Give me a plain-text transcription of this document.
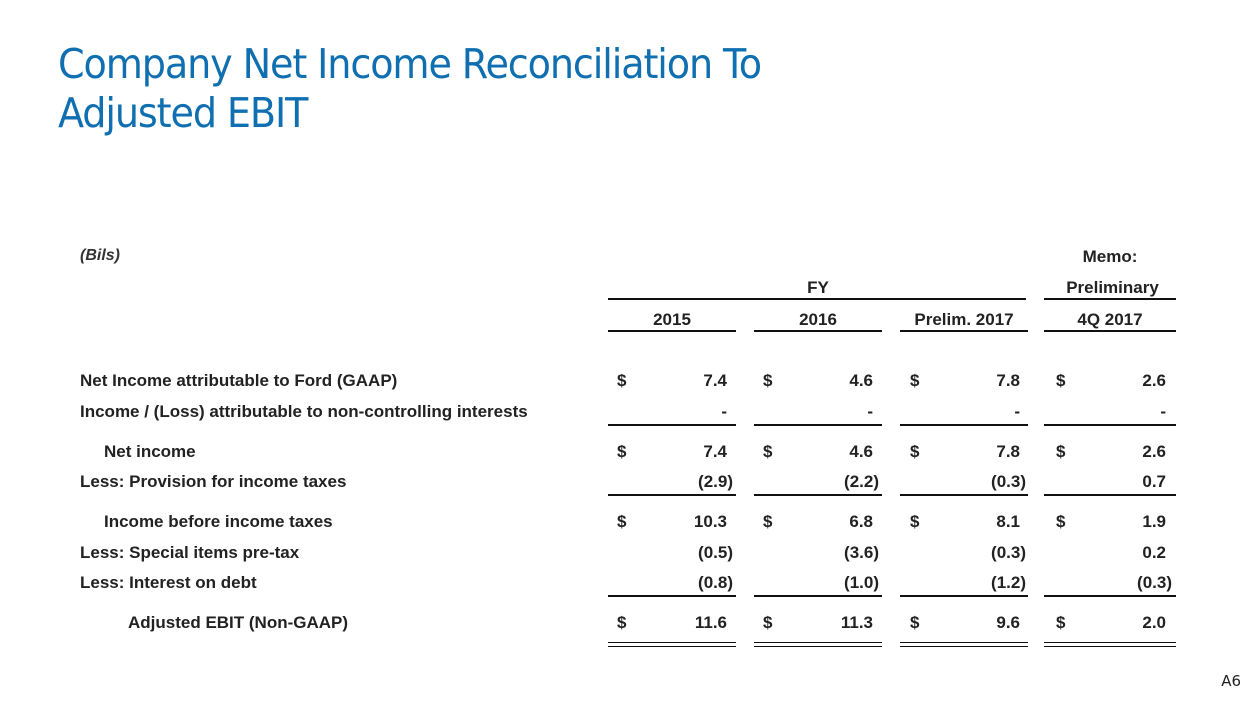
Company Net Income Reconciliation To
Adjusted EBIT
(Bils)	Memo:
FY	Preliminary
2015	2016	Prelim. 2017	4Q 2017
Net Income attributable to Ford (GAAP)	$	7.4 $	4.6 $	7.8 $	2.6
Income / (Loss) attributable to non-controlling interests	-	-	-	-
Net income	$	7.4 $	4.6 $	7.8 $	2.6
Less: Provision for income taxes	(2.9)	(2.2)	(0.3)	0.7
Income before income taxes	$	10.3 $	6.8 $	8.1 $	1.9
Less: Special items pre-tax	(0.5)	(3.6)	(0.3)	0.2
Less: Interest on debt	(0.8)	(1.0)	(1.2)	(0.3)
Adjusted EBIT (Non-GAAP)	$	11.6 $	11.3 $	9.6 $	2.0
A6
